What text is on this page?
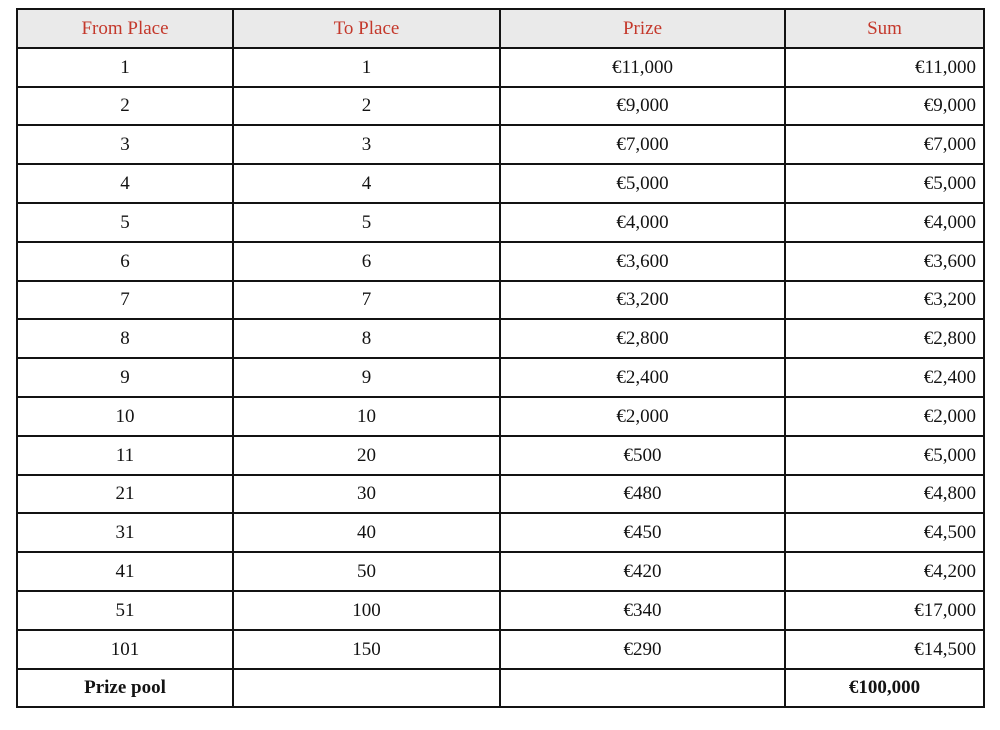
From Place	To Place	Prize	Sum
1	1	€11,000	€11,000
2	2	€9,000	€9,000
3	3	€7,000	€7,000
4	4	€5,000	€5,000
5	5	€4,000	€4,000
6	6	€3,600	€3,600
7	7	€3,200	€3,200
8	8	€2,800	€2,800
9	9	€2,400	€2,400
10	10	€2,000	€2,000
11	20	€500	€5,000
21	30	€480	€4,800
31	40	€450	€4,500
41	50	€420	€4,200
51	100	€340	€17,000
101	150	€290	€14,500
Prize pool			€100,000
